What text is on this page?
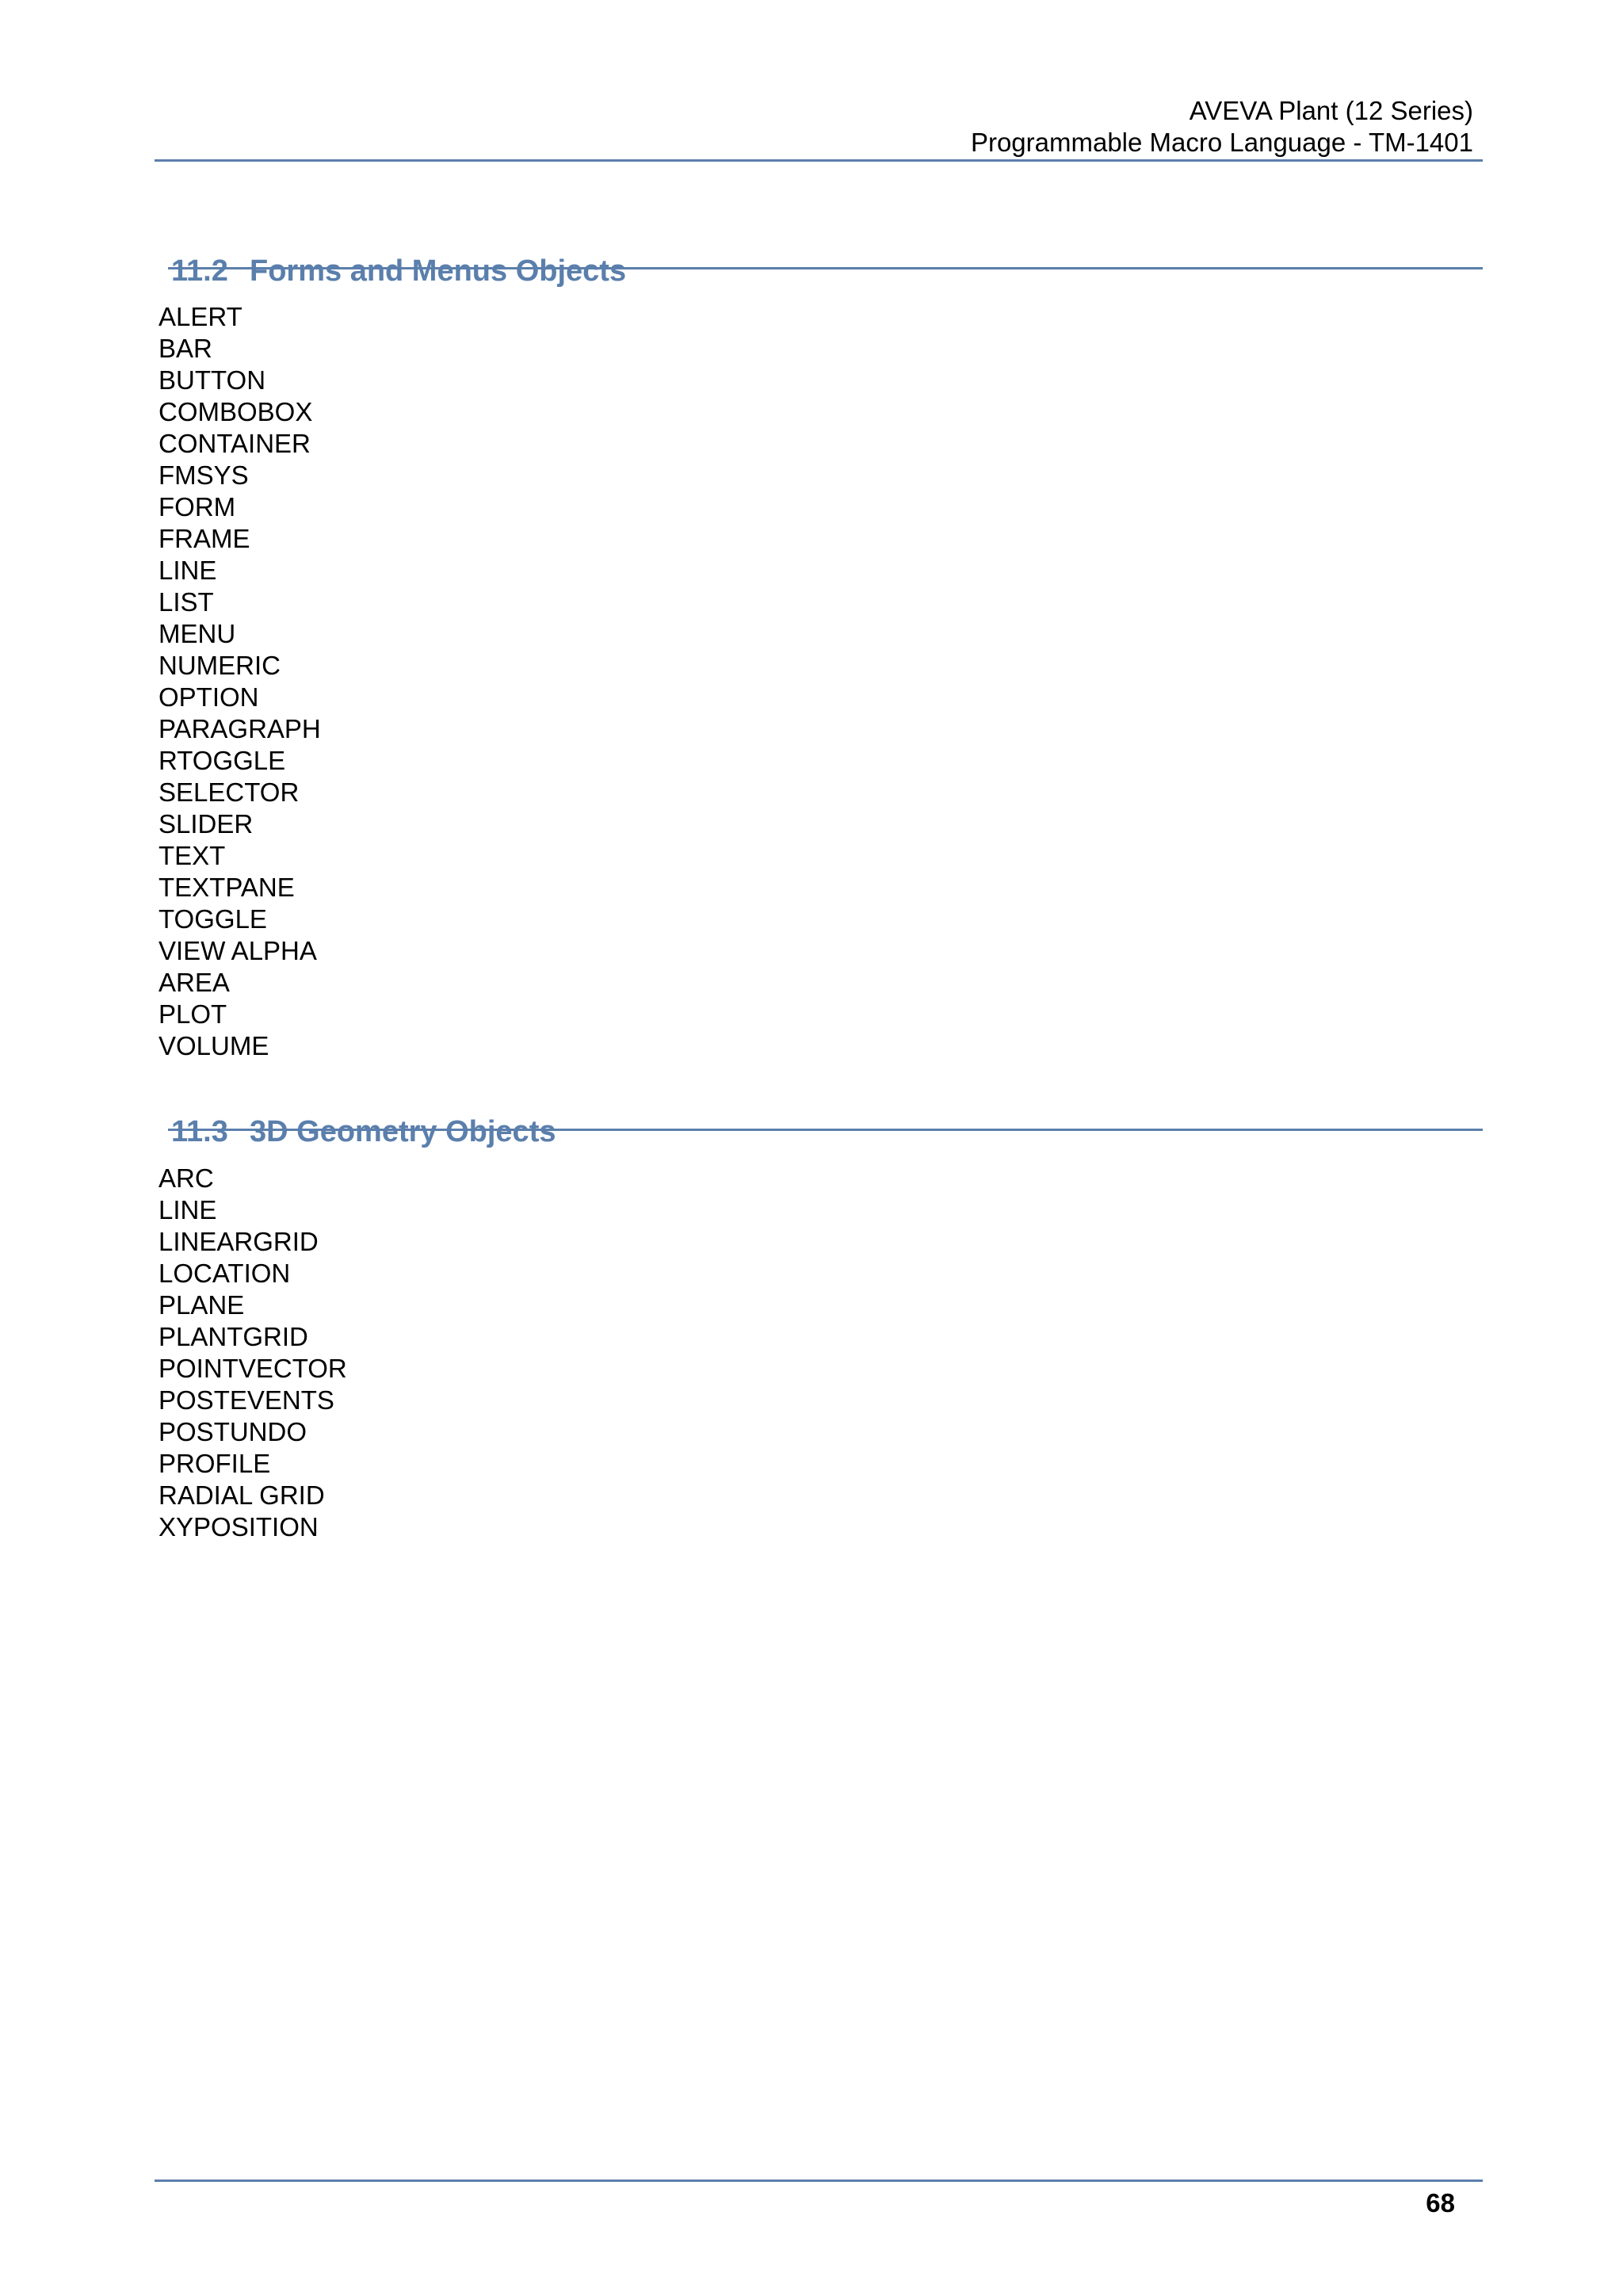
AVEVA Plant (12 Series)
Programmable Macro Language - TM-1401
11.2 Forms and Menus Objects
ALERT
BAR
BUTTON
COMBOBOX
CONTAINER
FMSYS
FORM
FRAME
LINE
LIST
MENU
NUMERIC
OPTION
PARAGRAPH
RTOGGLE
SELECTOR
SLIDER
TEXT
TEXTPANE
TOGGLE
VIEW ALPHA
AREA
PLOT
VOLUME
11.3 3D Geometry Objects
ARC
LINE
LINEARGRID
LOCATION
PLANE
PLANTGRID
POINTVECTOR
POSTEVENTS
POSTUNDO
PROFILE
RADIAL GRID
XYPOSITION
68
